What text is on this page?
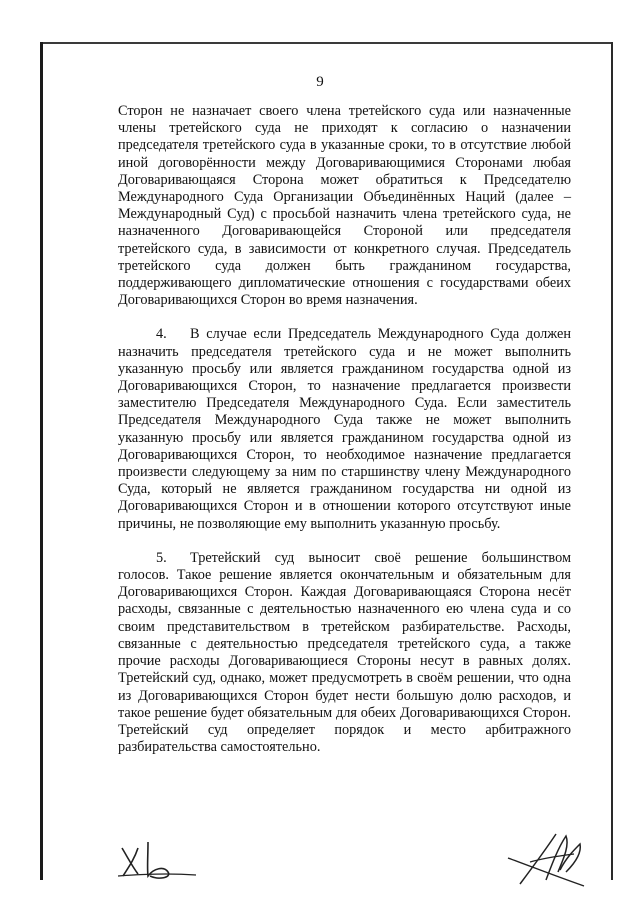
9

Сторон не назначает своего члена третейского суда или назначенные члены третейского суда не приходят к согласию о назначении председателя третейского суда в указанные сроки, то в отсутствие любой иной договорённости между Договаривающимися Сторонами любая Договаривающаяся Сторона может обратиться к Председателю Международного Суда Организации Объединённых Наций (далее – Международный Суд) с просьбой назначить члена третейского суда, не назначенного Договаривающейся Стороной или председателя третейского суда, в зависимости от конкретного случая. Председатель третейского суда должен быть гражданином государства, поддерживающего дипломатические отношения с государствами обеих Договаривающихся Сторон во время назначения.

4. В случае если Председатель Международного Суда должен назначить председателя третейского суда и не может выполнить указанную просьбу или является гражданином государства одной из Договаривающихся Сторон, то назначение предлагается произвести заместителю Председателя Международного Суда. Если заместитель Председателя Международного Суда также не может выполнить указанную просьбу или является гражданином государства одной из Договаривающихся Сторон, то необходимое назначение предлагается произвести следующему за ним по старшинству члену Международного Суда, который не является гражданином государства ни одной из Договаривающихся Сторон и в отношении которого отсутствуют иные причины, не позволяющие ему выполнить указанную просьбу.

5. Третейский суд выносит своё решение большинством голосов. Такое решение является окончательным и обязательным для Договаривающихся Сторон. Каждая Договаривающаяся Сторона несёт расходы, связанные с деятельностью назначенного ею члена суда и со своим представительством в третейском разбирательстве. Расходы, связанные с деятельностью председателя третейского суда, а также прочие расходы Договаривающиеся Стороны несут в равных долях. Третейский суд, однако, может предусмотреть в своём решении, что одна из Договаривающихся Сторон будет нести большую долю расходов, и такое решение будет обязательным для обеих Договаривающихся Сторон. Третейский суд определяет порядок и место арбитражного разбирательства самостоятельно.
